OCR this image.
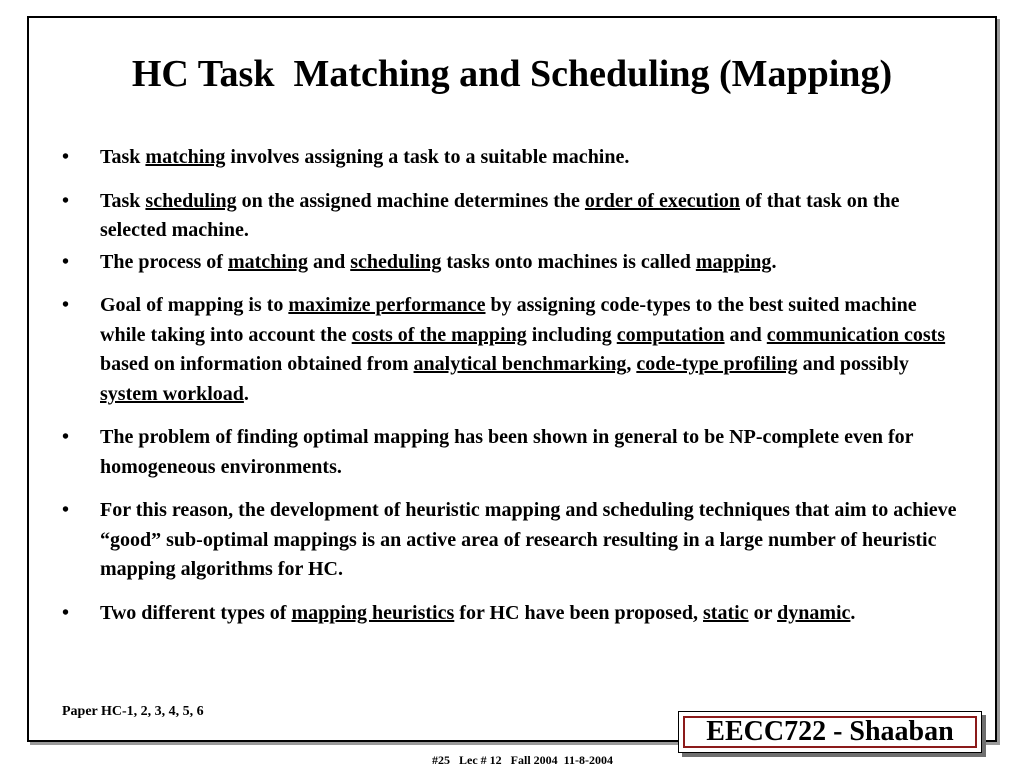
HC Task  Matching and Scheduling (Mapping)
• Task matching involves assigning a task to a suitable machine.
• Task scheduling on the assigned machine determines the order of execution of that task on the selected machine.
• The process of matching and scheduling tasks onto machines is called mapping.
• Goal of mapping is to maximize performance by assigning code-types to the best suited machine while taking into account the costs of the mapping including computation and communication costs based on information obtained from analytical benchmarking, code-type profiling and possibly system workload.
• The problem of finding optimal mapping has been shown in general to be NP-complete even for homogeneous environments.
• For this reason, the development of heuristic mapping and scheduling techniques that aim to achieve “good” sub-optimal mappings is an active area of research resulting in a large number of heuristic mapping algorithms for HC.
• Two different types of mapping heuristics for HC have been proposed, static or dynamic.
Paper HC-1, 2, 3, 4, 5, 6
EECC722 - Shaaban
#25   Lec # 12   Fall 2004  11-8-2004
